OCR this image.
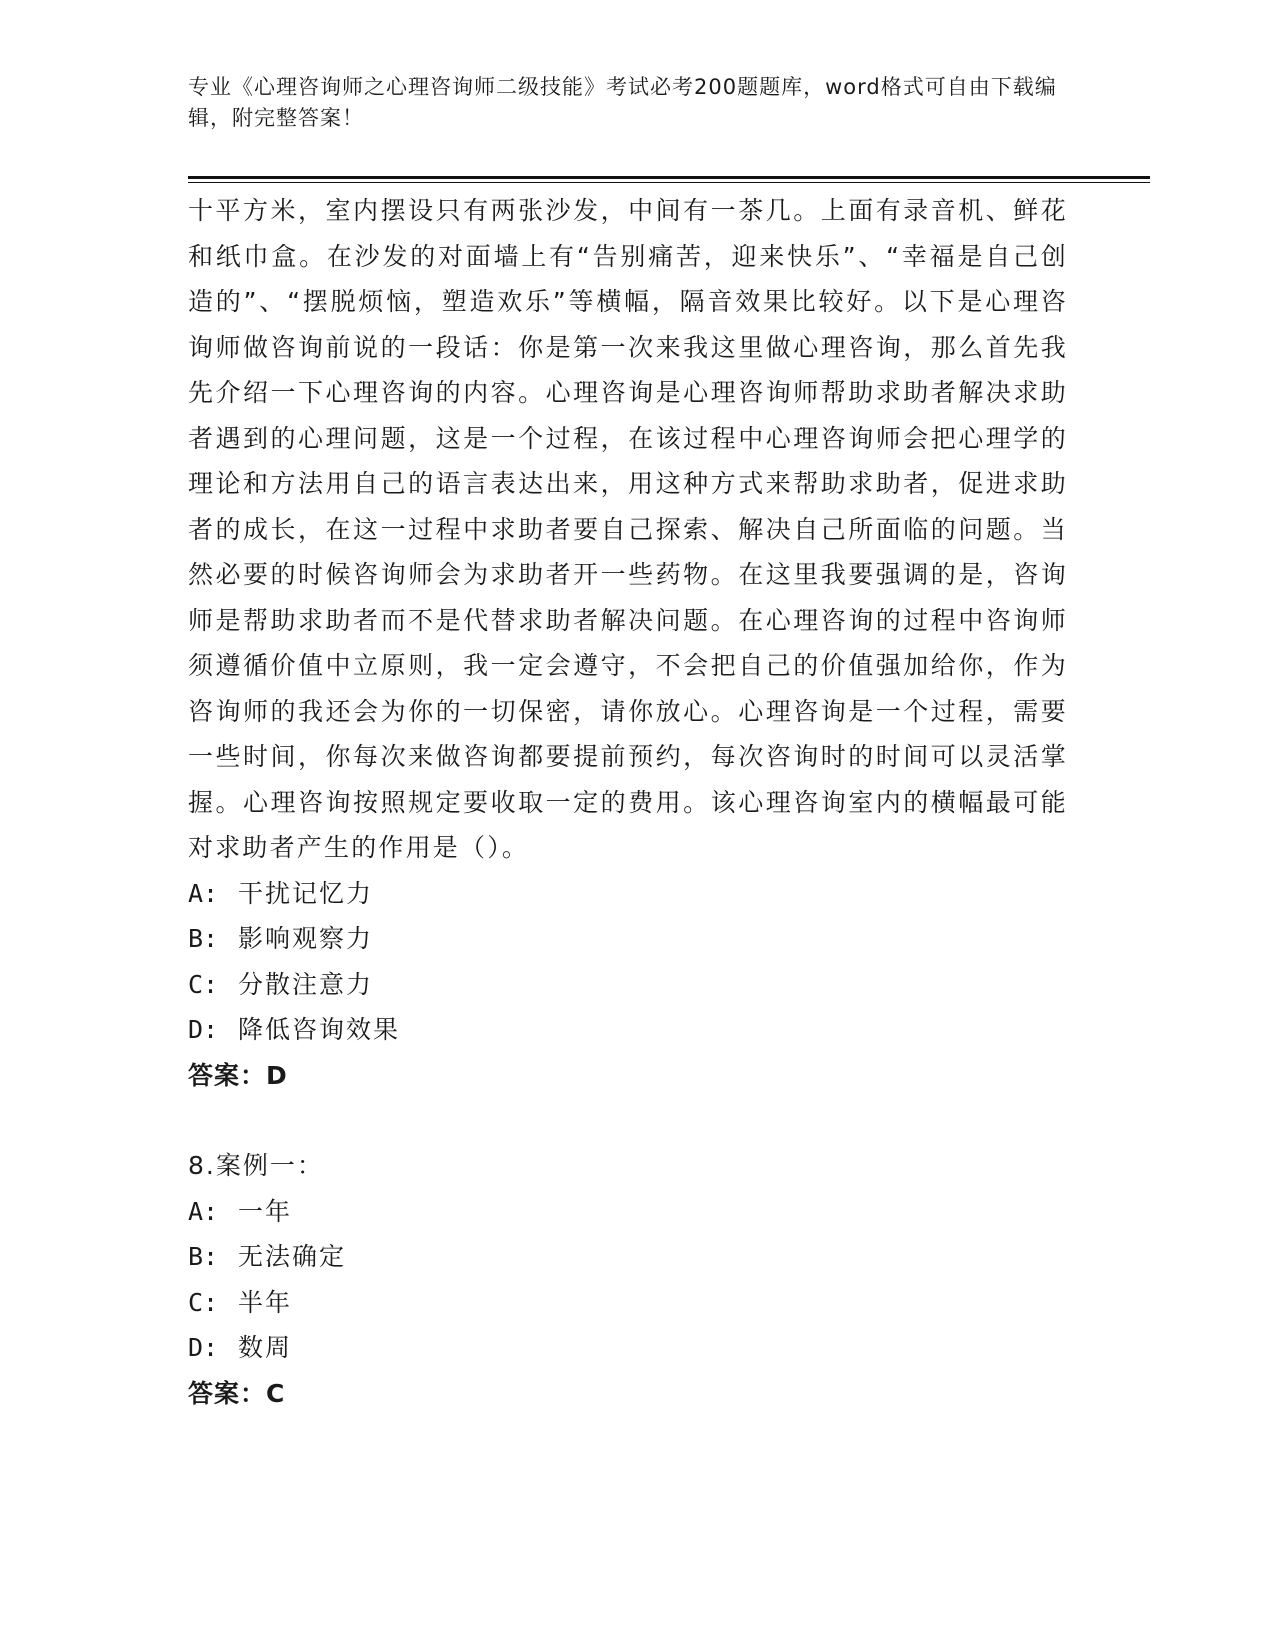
专业《心理咨询师之心理咨询师二级技能》考试必考200题题库，word格式可自由下载编辑，附完整答案！

十平方米，室内摆设只有两张沙发，中间有一茶几。上面有录音机、鲜花和纸巾盒。在沙发的对面墙上有“告别痛苦，迎来快乐”、“幸福是自己创造的”、“摆脱烦恼，塑造欢乐”等横幅，隔音效果比较好。以下是心理咨询师做咨询前说的一段话：你是第一次来我这里做心理咨询，那么首先我先介绍一下心理咨询的内容。心理咨询是心理咨询师帮助求助者解决求助者遇到的心理问题，这是一个过程，在该过程中心理咨询师会把心理学的理论和方法用自己的语言表达出来，用这种方式来帮助求助者，促进求助者的成长，在这一过程中求助者要自己探索、解决自己所面临的问题。当然必要的时候咨询师会为求助者开一些药物。在这里我要强调的是，咨询师是帮助求助者而不是代替求助者解决问题。在心理咨询的过程中咨询师须遵循价值中立原则，我一定会遵守，不会把自己的价值强加给你，作为咨询师的我还会为你的一切保密，请你放心。心理咨询是一个过程，需要一些时间，你每次来做咨询都要提前预约，每次咨询时的时间可以灵活掌握。心理咨询按照规定要收取一定的费用。该心理咨询室内的横幅最可能对求助者产生的作用是（）。

A: 干扰记忆力

B: 影响观察力

C: 分散注意力

D: 降低咨询效果

答案：D

8.案例一：

A: 一年

B: 无法确定

C: 半年

D: 数周

答案：C
